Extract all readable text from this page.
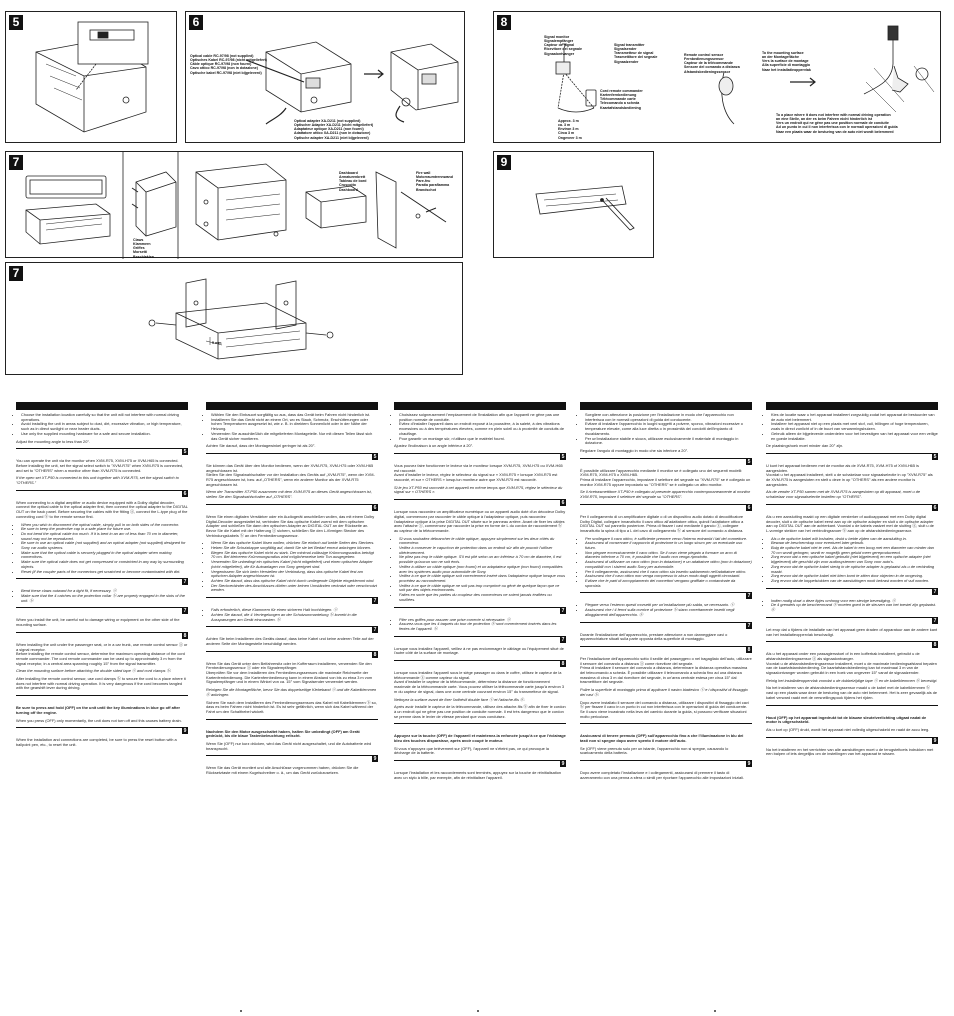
5	6

Optical cable RC-97/98 (not supplied)
Optisches Kabel RC-97/98 (nicht mitgeliefert)
Câble optique RC-97/98 (non fourni)
Cavo ottico RC-97/98 (non in dotazione)
Optische kabel RC-97/98 (niet bijgeleverd)

Optical adapter XA-D211 (not supplied)
Optischer Adapter XA-D211 (nicht mitgeliefert)
Adaptateur optique XA-D211 (non fourni)
Adattatore ottico XA-D211 (non in dotazione)
Optische adapter XA-D211 (niet bijgeleverd)

8

Signal monitor
Signalempfänger
Capteur de signal
Ricevitore del segnale
Signaalontvanger

Signal transmitter
Signalsender
Transmetteur de signal
Trasmettitore del segnale
Signaalzender

Cord remote commander
Kartenfernbedienung
Télécommande carte
Telecomando a scheda
Kaartafstandsbediening

Approx. 3 m
ca. 3 m
Environ 3 m
Circa 3 m
Ongeveer 3 m

Remote control sensor
Fernbedienungssensor
Capteur de la télécommande
Sensore del comando a distanza
Afstandsbedieningssensor

To the mounting surface
an der Montagefläche
Vers la surface de montage
Alla superficie di montaggio
Naar het installatieoppervlak

To a place where it does not interfere with normal driving operation
an eine Stelle, an der es beim Fahren nicht hinderlich ist
Vers un endroit qui ne gêne pas une position normale de conduite
Ad un punto in cui il non interferisca con le normali operazioni di guida
Naar een plaats waar de besturing van de auto niet wordt belemmerd

7

Claws
Klammern
Griffes
Morsetti
Beschlaklen

Dashboard
Armaturenbrett
Tableau de bord
Cruscotto
Dashboard

Fire wall
Motorraumtrennwand
Pare-feu
Paratia parafiamma
Brandschot

9
7
5 mm
• Choose the installation location carefully so that the unit will not interfere with normal driving operations.
• Avoid installing the unit in areas subject to dust, dirt, excessive vibration, or high temperature, such as in direct sunlight or near heater ducts.
• Use only the supplied mounting hardware for a safe and secure installation.

Adjust the mounting angle to less than 20°.

5

You can operate the unit via the monitor when XVM-R75, XVM-H75 or XVM-H65 is connected.
Before installing the unit, set the signal select switch to "XVM-R75" when XVM-R75 is connected, and set to "OTHERS" when a monitor other than XVM-R75 is connected.

If the open set XT-P50 is connected to this unit together with XVM-R75, set the signal switch to "OTHERS."

6

When connecting to a digital amplifier or audio device equipped with a Dolby digital decoder, connect the optical cable to the optical adapter first, then connect the optical adapter to the DIGITAL OUT on the back panel. Before securing the cables with the fitting ⓐ, connect the L-type plug of the connecting cord ⓑ to the remote sensor first.

• When you wish to disconnect the optical cable, simply pull in on both sides of the connector.
• Be sure to keep the protective cap in a safe place for future use.
• Do not bend the optical cable too much. If it is bent in an arc of less than 70 cm in diameter, sound may not be reproduced.
• Be sure to use an optical cable (not supplied) and an optical adapter (not supplied) designed for Sony car audio systems.
• Make sure that the optical cable is securely plugged in the optical adapter when making connections.
• Make sure the optical cable does not get compressed or constricted in any way by surrounding objects.
• Reset (if the coupler parts of the connectors get scratched or become contaminated with dirt.
7
• Bend these claws outward for a tight fit, if necessary. ⓐ
• Make sure that the 4 catches on the protection collar ⓑ are properly engaged in the slots of the unit. ⓑ
7

When you install the unit, be careful not to damage wiring or equipment on the other side of the mounting surface.

8

When installing the unit under the passenger seat, or in a car trunk, use remote control sensor ⓐ or a signal receptor.
Before installing the remote control sensor, determine the maximum operating distance of the cord remote commander. The cord remote commander can be used up to approximately 3 m from the signal receptor, in a central area spanning roughly 15° from the signal transmitter.

Clean the mounting surface before attaching the double sided tape ⓐ and cord clamps ⓑ.

After installing the remote control sensor, use cord clamps ⓑ to secure the cord to a place where it does not interfere with normal driving operation. It is very dangerous if the cord becomes tangled with the gearshift lever during driving.

Be sure to press and hold (OFF) on the unit until the key illuminations in blue go off after turning off the engine.

When you press (OFF) only momentarily, the unit does not turn off and this causes battery drain.

9

When the installation and connections are completed, be sure to press the reset button with a ballpoint pen, etc., to reset the unit.

• Wählen Sie den Einbauort sorgfältig so aus, dass das Gerät beim Fahren nicht hinderlich ist.
• Installieren Sie das Gerät nicht an einem Ort, wo es Staub, Schmutz, Erschütterungen oder hohen Temperaturen ausgesetzt ist, wie z. B. in direktem Sonnenlicht oder in der Nähe der Heizung.
• Verwenden Sie ausschließlich die mitgelieferten Montageteile. Nur mit diesen Teilen lässt sich das Gerät sicher montieren.

Achten Sie darauf, dass der Montagewinkel geringer ist als 20°.

5

Sie können das Gerät über den Monitor bedienen, wenn der XVM-R75, XVM-H75 oder XVM-H65 angeschlossen ist.
Stellen Sie den Signalwahlschalter vor der Installation des Geräts auf „XVM-R75", wenn der XVM-R75 angeschlossen ist, bzw. auf „OTHERS", wenn ein anderer Monitor als der XVM-R75 angeschlossen ist.

Wenn der Transmitter XT-P50 zusammen mit dem XVM-R75 an dieses Gerät angeschlossen ist, stellen Sie den Signalwahlschalter auf „OTHERS".

6

Wenn Sie einen digitalen Verstärker oder ein Audiogerät anschließen wollen, das mit einem Dolby Digital-Decoder ausgestattet ist, verbinden Sie das optische Kabel zuerst mit dem optischen Adapter und schließen Sie dann den optischen Adapter an DIGITAL OUT an der Rückseite an. Bevor Sie die Kabel mit der Halterung ⓐ sichern, schließen Sie den L-förmigen Stecker des Verbindungskabels ⓑ an den Fernbedienungssensor.

• Wenn Sie das optische Kabel lösen wollen, drücken Sie einfach auf beide Seiten des Steckers.
• Heben Sie die Schutzkappe sorgfältig auf, damit Sie sie bei Bedarf erneut anbringen können.
• Biegen Sie das optische Kabel nicht zu stark. Der minimal zulässige Krümmungsradius beträgt 70 cm. Bei kleinerem Krümmungsradius wird möglicherweise kein Ton ausgegeben.
• Verwenden Sie unbedingt ein optisches Kabel (nicht mitgeliefert) und einen optischen Adapter (nicht mitgeliefert), die für Autoanlagen von Sony geeignet sind.
• Vergewissern Sie sich beim Herstellen der Verbindung, dass das optische Kabel fest am optischen Adapter angeschlossen ist.
• Achten Sie darauf, dass das optische Kabel nicht durch umliegende Objekte eingeklemmt wird.
• Der Steckverbinder des Anschlusses dürfen unter keinen Umständen verkratzt oder verschmutzt werden.
7
• Falls erforderlich, diese Klammern für einen sicheren Halt hochbiegen. ⓐ
• Achten Sie darauf, die 4 Verriegelungen an der Schutzummantelung ⓑ korrekt in die Aussparungen am Gerät einzurasten. ⓑ
7

Achten Sie beim Installieren des Geräts darauf, dass keine Kabel und keine anderen Teile auf der anderen Seite der Montagestelle beschädigt werden.

8

Wenn Sie das Gerät unter dem Beifahrersitz oder im Kofferraum installieren, verwenden Sie den Fernbedienungssensor ⓐ oder ein Signalempfänger.
Überprüfen Sie vor dem Installieren des Fernbedienungssensors die maximale Reichweite der Kartenfernbedienung. Die Kartenfernbedienung kann in einem Abstand von bis zu etwa 3 m vom Signalempfänger und in einem Winkel von ca. 15° vom Signalsender verwendet werden.

Reinigen Sie die Montagefläche, bevor Sie das doppelseitige Klebeband ⓐ und die Kabelklemmen ⓑ anbringen.

Sichern Sie nach dem Installieren des Fernbedienungssensors das Kabel mit Kabelklemmen ⓑ so, dass es beim Fahren nicht hinderlich ist. Es ist sehr gefährlich, wenn sich das Kabel während der Fahrt um den Schalthebel wickelt.

Nachdem Sie den Motor ausgeschaltet haben, halten Sie unbedingt (OFF) am Gerät gedrückt, bis die blaue Tastenbeleuchtung erlischt.

Wenn Sie (OFF) nur kurz drücken, wird das Gerät nicht ausgeschaltet, und die Autobatterie wird beansprucht.

9

Wenn Sie das Gerät montiert und alle Anschlüsse vorgenommen haben, drücken Sie die Rücksetztaste mit einem Kugelschreiber o. ä., um das Gerät zurückzusetzen.

• Choisissez soigneusement l'emplacement de l'installation afin que l'appareil ne gêne pas une position normale de conduite.
• Evitez d'installer l'appareil dans un endroit exposé à la poussière, à la saleté, à des vibrations excessives ou à des températures élevées, comme en plein soleil ou à proximité de conduits de chauffage.
• Pour garantir un montage sûr, n'utilisez que le matériel fourni.

Ajustez l'inclinaison à un angle inférieur à 20°.

5

Vous pouvez faire fonctionner le lecteur via le moniteur lorsque XVM-R75, XVM-H75 ou XVM-H65 est raccordé.
Avant d'installer le lecteur, réglez le sélecteur du signal sur « XVM-R75 » lorsque XVM-R75 est raccordé, et sur « OTHERS » lorsqu'un moniteur autre que XVM-R75 est raccordé.

Si le jeu XT-P50 est raccordé à cet appareil en même temps que XVM-R75, réglez le sélecteur du signal sur « OTHERS ».

6

Lorsque vous raccordez un amplificateur numérique ou un appareil audio doté d'un décodeur Dolby digital, commencez par raccorder le câble optique à l'adaptateur optique, puis raccordez l'adaptateur optique à la prise DIGITAL OUT située sur le panneau arrière. Avant de fixer les câbles avec l'attache ⓐ, commencez par raccorder la prise en forme de L du cordon de raccordement ⓑ au capteur de la télécommande.

• Si vous souhaitez débrancher le câble optique, appuyez simplement sur les deux côtés du connecteur.
• Veillez à conserver le capuchon de protection dans un endroit sûr afin de pouvoir l'utiliser ultérieurement.
• Ne pliez pas trop le câble optique. S'il est plié selon un arc inférieur à 70 cm de diamètre, il est possible qu'aucun son ne soit émis.
• Veillez à utiliser un câble optique (non fourni) et un adaptateur optique (non fourni) compatibles avec les systèmes audio pour automobile de Sony.
• Veillez à ce que le câble optique soit correctement inséré dans l'adaptateur optique lorsque vous procédez au raccordement.
• Veillez à ce que le câble optique ne soit pas trop comprimé ou gêné de quelque façon que ce soit par des objets environnants.
• Faites en sorte que les parties du coupleur des connecteurs ne soient jamais éraflées ou souillées.
7
• Plier ces griffes pour assurer une prise correcte si nécessaire. ⓐ
• Assurez-vous que les 4 taquets du tour de protection ⓑ sont correctement insérés dans les fentes de l'appareil. ⓑ
7

Lorsque vous installez l'appareil, veillez à ne pas endommager le câblage ou l'équipement situé de l'autre côté de la surface de montage.

8

Lorsque vous installez l'appareil sous le siège passager ou dans le coffre, utilisez le capteur de la télécommande ⓐ comme capteur du signal.
Avant d'installer le capteur de la télécommande, déterminez la distance de fonctionnement maximale de la télécommande carte. Vous pouvez utiliser la télécommande carte jusqu'à environ 3 m du capteur de signal, dans une zone centrale couvrant environ 15° du transmetteur de signal.

Nettoyez la surface avant de fixer l'adhésif double face ⓐ et l'attache-fils ⓑ.

Après avoir installé le capteur de la télécommande, utilisez des attache-fils ⓑ afin de fixer le cordon à un endroit qui ne gêne pas une position de conduite normale. Il est très dangereux que le cordon se prenne dans le levier de vitesse pendant que vous conduisez.

Appuyez sur la touche (OFF) de l'appareil et maintenez-la enfoncée jusqu'à ce que l'éclairage bleu des touches disparaisse, après avoir coupé le moteur.

Si vous n'appuyez que brièvement sur (OFF), l'appareil ne s'éteint pas, ce qui provoque la décharge de la batterie.

9

Lorsque l'installation et les raccordements sont terminés, appuyez sur la touche de réinitialisation avec un stylo à bille, par exemple, afin de réinitialiser l'appareil.

• Scegliere con attenzione la posizione per l'installazione in modo che l'apparecchio non interferisca con le normali operazioni di guida del conducente.
• Evitare di installare l'apparecchio in luoghi soggetti a polvere, sporco, vibrazioni eccessive o temperature elevate, come alla luce diretta o in prossimità dei condotti dell'impianto di riscaldamento.
• Per un'installazione stabile e sicura, utilizzare esclusivamente il materiale di montaggio in dotazione.

Regolare l'angolo di montaggio in modo che sia inferiore a 20°.

5

È possibile utilizzare l'apparecchio mediante il monitor se è collegato uno dei seguenti modelli: XVM-R75, XVM-H75 o XVM-H65.
Prima di installare l'apparecchio, impostare il selettore del segnale su "XVM-R75" se è collegato un monitor XVM-R75 oppure impostarlo su "OTHERS" se è collegato un altro monitor.

Se il ricetrasmettitore XT-P50 è collegato al presente apparecchio contemporaneamente al monitor XVM-R75, impostare il selettore del segnale su "OTHERS".

6

Per il collegamento di un amplificatore digitale o di un dispositivo audio dotato di decodificatore Dolby Digital, collegare innanzitutto il cavo ottico all'adattatore ottico, quindi l'adattatore ottico a DIGITAL OUT sul pannello posteriore. Prima di fissare i cavi mediante il gancio ⓐ, collegare innanzitutto la spina di tipo a L del cavo di collegamento ⓑ al sensore del comando a distanza.

• Per scollegare il cavo ottico, è sufficiente premere verso l'interno entrambi i lati del connettore.
• Assicurarsi di conservare il cappuccio di protezione in un luogo sicuro per un eventuale uso futuro.
• Non piegare eccessivamente il cavo ottico. Se il cavo viene piegato a formare un arco di diametro inferiore a 70 cm, è possibile che l'audio non venga riprodotto.
• Assicurarsi di utilizzare un cavo ottico (non in dotazione) e un adattatore ottico (non in dotazione) compatibili con i sistemi audio Sony per automobile.
• Per il collegamento, assicurarsi che il cavo ottico sia inserito saldamento nell'adattatore ottico.
• Assicurarsi che il cavo ottico non venga compresso in alcun modo dagli oggetti circostanti.
• Evitare che le parti di accoppiamento dei connettori vengano graffiate o contaminate da sporcizia.
7
• Piegare verso l'esterno questi morsetti per un'installazione più salda, se necessario. ⓐ
• Assicurarsi che i 4 fermi sulla cornice di protezione ⓑ siano correttamente inseriti negli alloggiamenti dell'apparecchio. ⓑ
7

Durante l'installazione dell'apparecchio, prestare attenzione a non danneggiare cavi o apparecchiature situati sulla parte opposta della superficie di montaggio.

8

Per l'installazione dell'apparecchio sotto il sedile del passeggero o nel bagagliaio dell'auto, utilizzare il sensore del comando a distanza ⓐ come ricevitore del segnale.
Prima di installare il sensore del comando a distanza, determinare la distanza operativa massima del telecomando a scheda. È possibile utilizzare il telecomando a scheda fino ad una distanza massima di circa 3 m dal ricevitore del segnale, in un'area centrale estesa per circa 15° dal trasmettitore del segnale.

Pulire la superficie di montaggio prima di applicare il nastro biadesivo ⓐ e i dispositivi di fissaggio dei cavi ⓑ.

Dopo avere installato il sensore del comando a distanza, utilizzare i dispositivi di fissaggio dei cavi ⓑ per fissare il cavo in un punto in cui non interferisca con le operazioni di guida del conducente. Se il cavo viene incastrato nella leva del cambio durante la guida, si possono verificare situazioni molto pericolose.

Assicurarsi di tenere premuto (OFF) sull'apparecchio fino a che l'illuminazione in blu dei tasti non si spegne dopo avere spento il motore dell'auto.

Se (OFF) viene premuto solo per un istante, l'apparecchio non si spegne, causando lo scaricamento della batteria.

9

Dopo avere completato l'installazione e i collegamenti, assicurarsi di premere il tasto di azzeramento con una penna a sfera o simili per riportare l'apparecchio alle impostazioni iniziali.

• Kies de locatie waar u het apparaat installeert zorgvuldig zodat het apparaat de bestuurder van de auto niet belemmert.
• Installeer het apparaat niet op een plaats met veel stof, vuil, trillingen of hoge temperaturen, zoals in direct zonlicht of in de buurt van verwarmingsbuizen.
• Gebruik alleen de bijgeleverde onderdelen voor het bevestigen van het apparaat voor een veilige en goede installatie.

De plaatsingshoek moet minder dan 20° zijn.

5

U kunt het apparaat bedienen met de monitor als de XVM-R75, XVM-H75 of XVM-H65 is aangesloten.
Voordat u het apparaat installeert, stelt u de schakelaar voor signaalselectie in op "XVM-R75" als de XVM-R75 is aangesloten en stelt u deze in op "OTHERS" als een andere monitor is aangesloten.

Als de zender XT-P50 samen met de XVM-R75 is aangesloten op dit apparaat, moet u de schakelaar voor signaalselectie instellen op "OTHERS".

6

Als u een aansluiting maakt op een digitale versterker of audioapparaat met een Dolby digital decoder, sluit u de optische kabel eerst aan op de optische adapter en sluit u de optische adapter aan op DIGITAL OUT aan de achterkant. Voordat u de kabels vastzet met de sluiting ⓐ, sluit u de L-vormige stekker van het verbindingssnoer ⓑ aan op de afstandsbedieningssensor.

• Als u de optische kabel wilt loshalen, drukt u beide zijden van de aansluiting in.
• Bewaar de beschermkap voor eventueel later gebruik.
• Buig de optische kabel niet te veel. Als de kabel in een boog met een diameter van minder dan 70 cm wordt gebogen, wordt er mogelijk geen geluid meer gereproduceerd.
• Zorg ervoor dat u een optische kabel gebruikt (niet bijgeleverd) en een optische adapter (niet bijgeleverd) die geschikt zijn voor audiosystemen van Sony voor auto's.
• Zorg ervoor dat de optische kabel stevig in de optische adapter is geplaatst als u de verbinding maakt.
• Zorg ervoor dat de optische kabel niet klem komt te zitten door objecten in de omgeving.
• Zorg ervoor dat de koppelstukken van de aansluitingen nooit bekrast worden of vuil worden.
7
• Indien nodig duwt u deze lipjes omhoog voor een stevige bevestiging. ⓐ
• De 4 grendels op de beschermrand ⓑ moeten goed in de sleuven van het toestel zijn geplaatst. ⓑ
7

Let erop dat u tijdens de installatie van het apparaat geen draden of apparatuur aan de andere kant van het installatieoppervlak beschadigt.

8

Als u het apparaat onder een passagiersstoel of in een kofferbak installeert, gebruikt u de afstandsbedieningssensor ⓐ als signaalontvanger.
Voordat u de afstandsbedieningssensor installeert, moet u de maximale bedieningsafstand bepalen van de kaartafstandsbediening. De kaartafstandsbediening kan tot maximaal 3 m van de signaalontvanger worden gebruikt in een hoek van ongeveer 15° vanaf de signaalzender.

Reinig het installatieoppervlak voordat u de dubbelzijdige tape ⓐ en de kabelklemmen ⓑ bevestigt.

Na het installeren van de afstandsbedieningssensor maakt u de kabel met de kabelklemmen ⓑ vast op een plaats waar deze de besturing van de auto niet belemmert. Het is zeer gevaarlijk als de kabel verward raakt met de versnellingspook tijdens het rijden.

Houd (OFF) op het apparaat ingedrukt tot de blauwe sleutelverlichting uitgaat nadat de motor is uitgeschakeld.

Als u kort op (OFF) drukt, wordt het apparaat niet volledig uitgeschakeld en raakt de accu leeg.

9

Na het installeren en het verrichten van alle aansluitingen moet u de terugsteltoets indrukken met een balpen of iets dergelijks om de instellingen van het apparaat te wissen.
